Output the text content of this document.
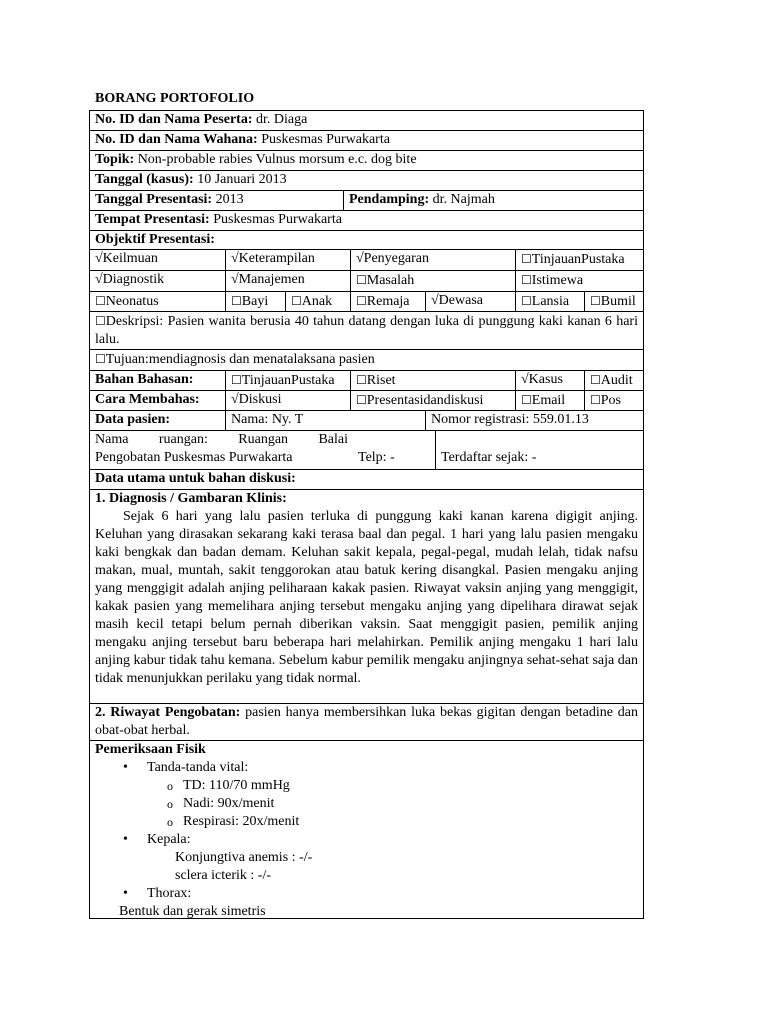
BORANG PORTOFOLIO
No. ID dan Nama Peserta: dr. Diaga
No. ID dan Nama Wahana: Puskesmas Purwakarta
Topik: Non-probable rabies Vulnus morsum e.c. dog bite
Tanggal (kasus): 10 Januari 2013
Tanggal Presentasi: 2013	Pendamping: dr. Najmah
Tempat Presentasi: Puskesmas Purwakarta
Objektif Presentasi:
√Keilmuan	√Keterampilan	√Penyegaran	☐TinjauanPustaka
√Diagnostik	√Manajemen	☐Masalah	☐Istimewa
☐Neonatus	☐Bayi	☐Anak	☐Remaja	√Dewasa	☐Lansia	☐Bumil
☐Deskripsi: Pasien wanita berusia 40 tahun datang dengan luka di punggung kaki kanan 6 hari lalu.
☐Tujuan:mendiagnosis dan menatalaksana pasien
Bahan Bahasan:	☐TinjauanPustaka	☐Riset	√Kasus	☐Audit
Cara Membahas:	√Diskusi	☐Presentasidandiskusi	☐Email	☐Pos
Data pasien:	Nama: Ny. T	Nomor registrasi: 559.01.13
Nama ruangan: Ruangan Balai
Pengobatan Puskesmas Purwakarta	Telp: -	Terdaftar sejak: -
Data utama untuk bahan diskusi:
1. Diagnosis / Gambaran Klinis:
Sejak 6 hari yang lalu pasien terluka di punggung kaki kanan karena digigit anjing. Keluhan yang dirasakan sekarang kaki terasa baal dan pegal. 1 hari yang lalu pasien mengaku kaki bengkak dan badan demam. Keluhan sakit kepala, pegal-pegal, mudah lelah, tidak nafsu makan, mual, muntah, sakit tenggorokan atau batuk kering disangkal. Pasien mengaku anjing yang menggigit adalah anjing peliharaan kakak pasien. Riwayat vaksin anjing yang menggigit, kakak pasien yang memelihara anjing tersebut mengaku anjing yang dipelihara dirawat sejak masih kecil tetapi belum pernah diberikan vaksin. Saat menggigit pasien, pemilik anjing mengaku anjing tersebut baru beberapa hari melahirkan. Pemilik anjing mengaku 1 hari lalu anjing kabur tidak tahu kemana. Sebelum kabur pemilik mengaku anjingnya sehat-sehat saja dan tidak menunjukkan perilaku yang tidak normal.
2. Riwayat Pengobatan: pasien hanya membersihkan luka bekas gigitan dengan betadine dan obat-obat herbal.
Pemeriksaan Fisik
• Tanda-tanda vital:
o TD: 110/70 mmHg
o Nadi: 90x/menit
o Respirasi: 20x/menit
• Kepala:
Konjungtiva anemis : -/-
sclera icterik : -/-
• Thorax:
Bentuk dan gerak simetris
